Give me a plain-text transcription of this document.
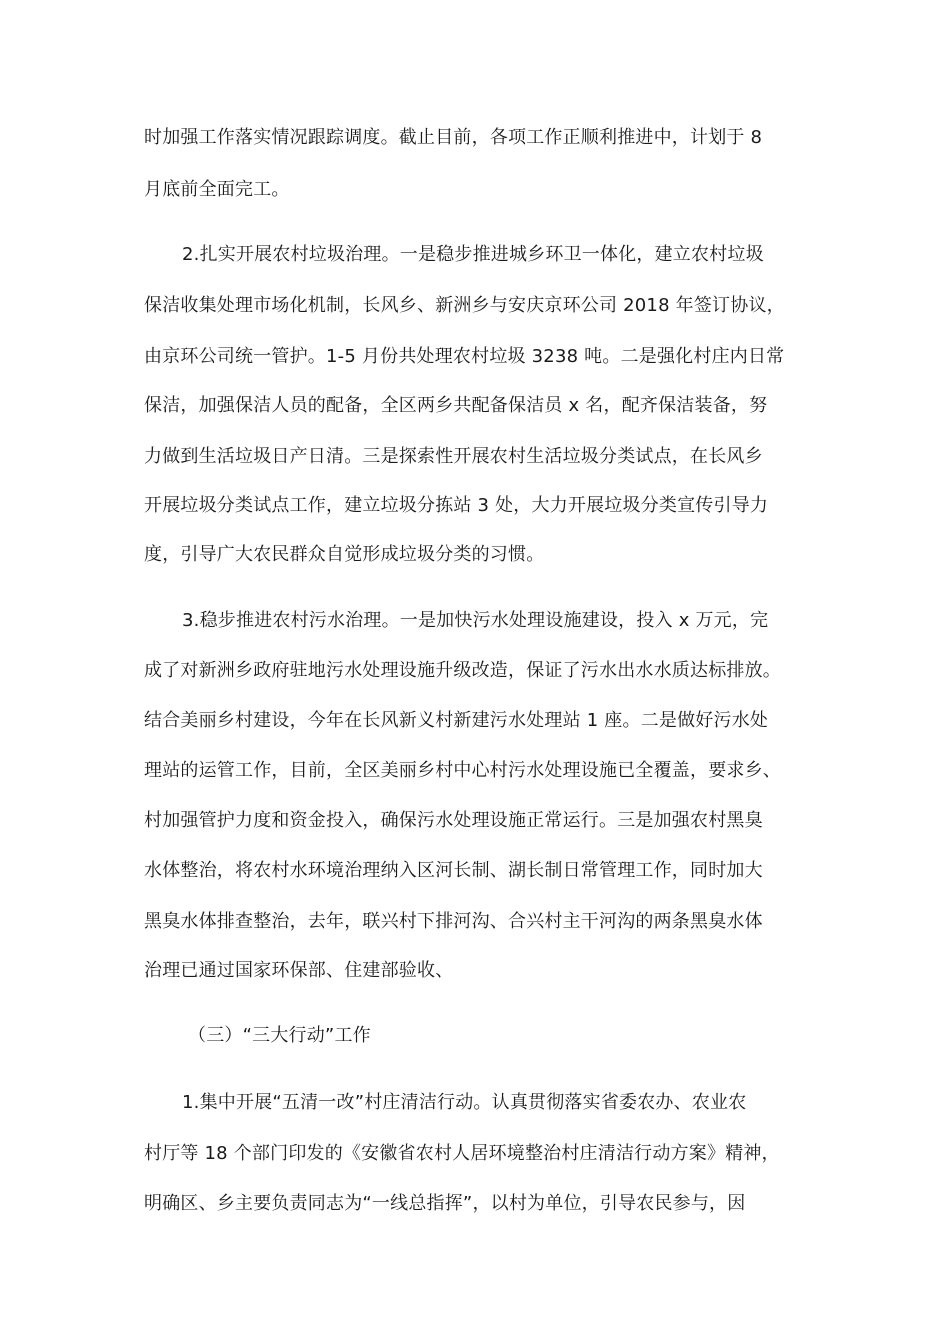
时加强工作落实情况跟踪调度。截止目前，各项工作正顺利推进中，计划于 8
月底前全面完工。
2.扎实开展农村垃圾治理。一是稳步推进城乡环卫一体化，建立农村垃圾
保洁收集处理市场化机制，长风乡、新洲乡与安庆京环公司 2018 年签订协议，
由京环公司统一管护。1-5 月份共处理农村垃圾 3238 吨。二是强化村庄内日常
保洁，加强保洁人员的配备，全区两乡共配备保洁员 x 名，配齐保洁装备，努
力做到生活垃圾日产日清。三是探索性开展农村生活垃圾分类试点，在长风乡
开展垃圾分类试点工作，建立垃圾分拣站 3 处，大力开展垃圾分类宣传引导力
度，引导广大农民群众自觉形成垃圾分类的习惯。
3.稳步推进农村污水治理。一是加快污水处理设施建设，投入 x 万元，完
成了对新洲乡政府驻地污水处理设施升级改造，保证了污水出水水质达标排放。
结合美丽乡村建设，今年在长风新义村新建污水处理站 1 座。二是做好污水处
理站的运管工作，目前，全区美丽乡村中心村污水处理设施已全覆盖，要求乡、
村加强管护力度和资金投入，确保污水处理设施正常运行。三是加强农村黑臭
水体整治，将农村水环境治理纳入区河长制、湖长制日常管理工作，同时加大
黑臭水体排查整治，去年，联兴村下排河沟、合兴村主干河沟的两条黑臭水体
治理已通过国家环保部、住建部验收、
（三）“三大行动”工作
1.集中开展“五清一改”村庄清洁行动。认真贯彻落实省委农办、农业农
村厅等 18 个部门印发的《安徽省农村人居环境整治村庄清洁行动方案》精神，
明确区、乡主要负责同志为“一线总指挥”，以村为单位，引导农民参与，因
